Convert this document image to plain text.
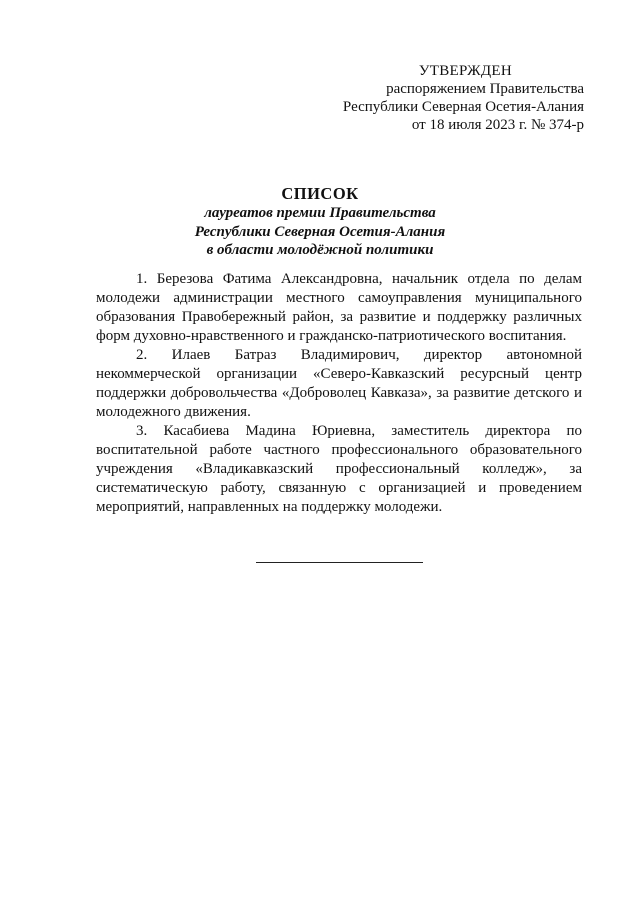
УТВЕРЖДЕН
распоряжением Правительства
Республики Северная Осетия-Алания
от 18 июля 2023 г. № 374-р
СПИСОК
лауреатов премии Правительства
Республики Северная Осетия-Алания
в области молодёжной политики

1. Березова Фатима Александровна, начальник отдела по делам молодежи администрации местного самоуправления муниципального образования Правобережный район, за развитие и поддержку различных форм духовно-нравственного и гражданско-патриотического воспитания.

2. Илаев Батраз Владимирович, директор автономной некоммерческой организации «Северо-Кавказский ресурсный центр поддержки добровольчества «Доброволец Кавказа», за развитие детского и молодежного движения.

3. Касабиева Мадина Юриевна, заместитель директора по воспитательной работе частного профессионального образовательного учреждения «Владикавказский профессиональный колледж», за систематическую работу, связанную с организацией и проведением мероприятий, направленных на поддержку молодежи.
